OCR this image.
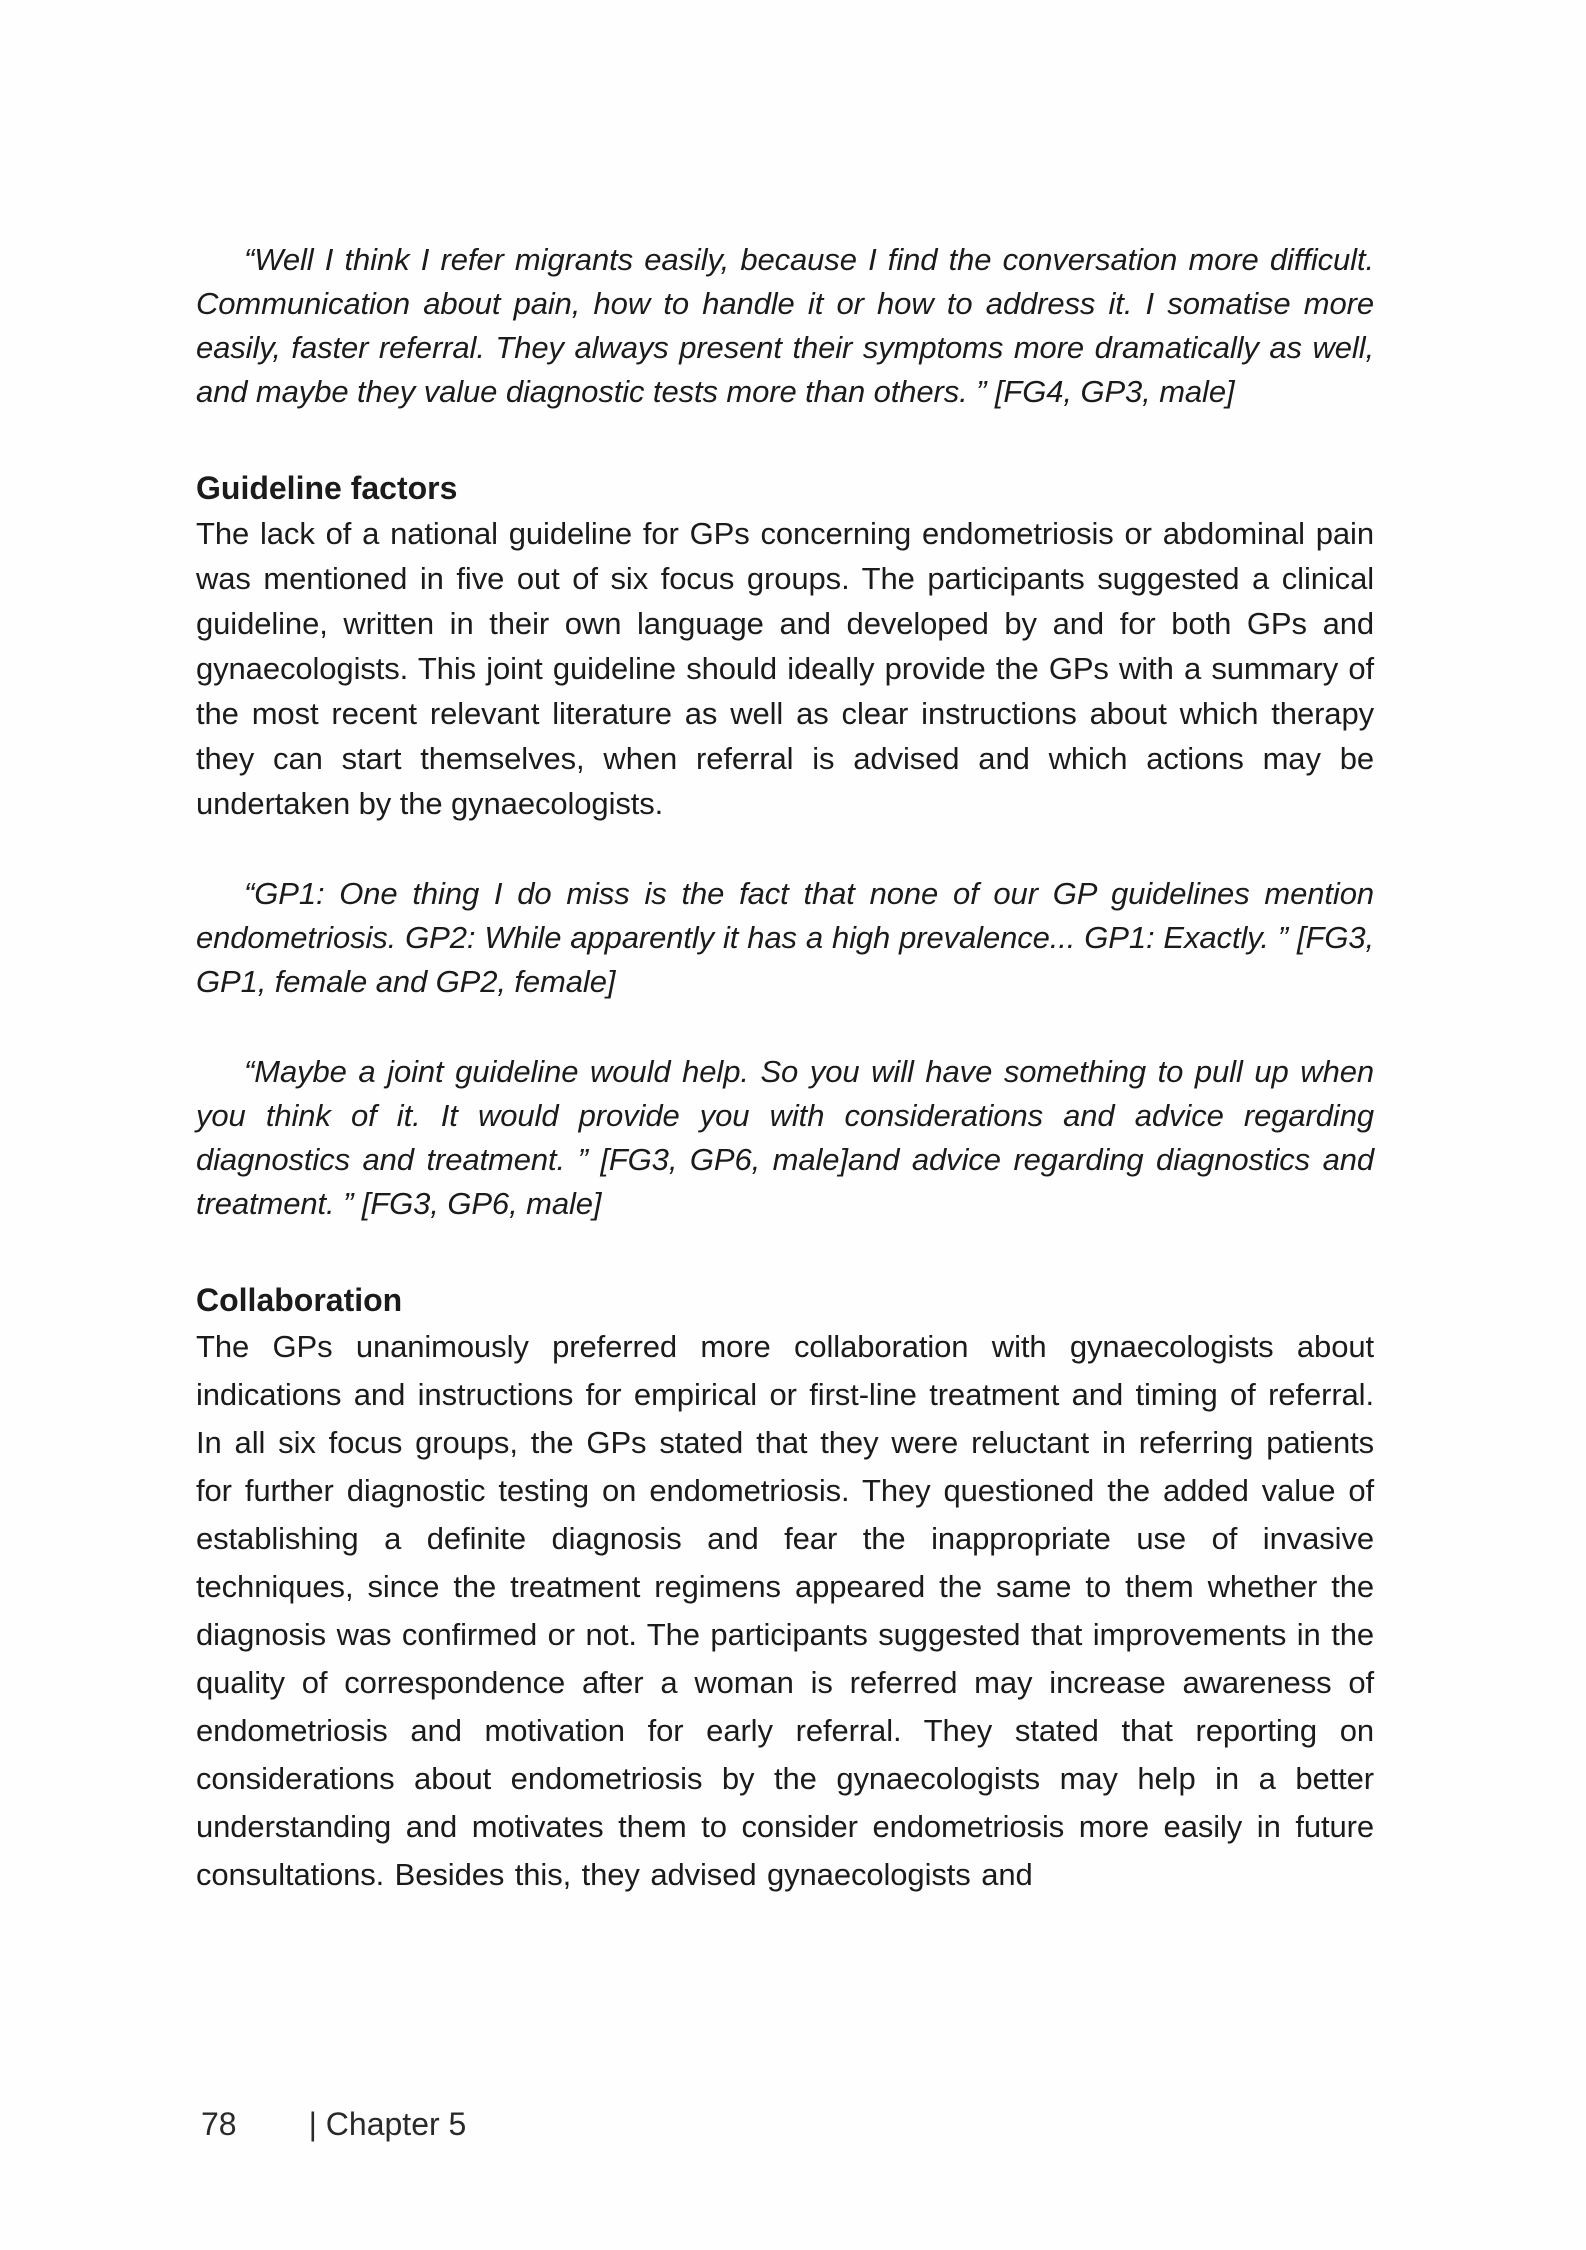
“Well I think I refer migrants easily, because I find the conversation more difficult. Communication about pain, how to handle it or how to address it. I somatise more easily, faster referral. They always present their symptoms more dramatically as well, and maybe they value diagnostic tests more than others. ” [FG4, GP3, male]

Guideline factors

The lack of a national guideline for GPs concerning endometriosis or abdominal pain was mentioned in five out of six focus groups. The participants suggested a clinical guideline, written in their own language and developed by and for both GPs and gynaecologists. This joint guideline should ideally provide the GPs with a summary of the most recent relevant literature as well as clear instructions about which therapy they can start themselves, when referral is advised and which actions may be undertaken by the gynaecologists.

“GP1: One thing I do miss is the fact that none of our GP guidelines mention endometriosis. GP2: While apparently it has a high prevalence... GP1: Exactly. ” [FG3, GP1, female and GP2, female]

“Maybe a joint guideline would help. So you will have something to pull up when you think of it. It would provide you with considerations and advice regarding diagnostics and treatment. ” [FG3, GP6, male]and advice regarding diagnostics and treatment. ” [FG3, GP6, male]

Collaboration

The GPs unanimously preferred more collaboration with gynaecologists about indications and instructions for empirical or first-line treatment and timing of referral. In all six focus groups, the GPs stated that they were reluctant in referring patients for further diagnostic testing on endometriosis. They questioned the added value of establishing a definite diagnosis and fear the inappropriate use of invasive techniques, since the treatment regimens appeared the same to them whether the diagnosis was confirmed or not. The participants suggested that improvements in the quality of correspondence after a woman is referred may increase awareness of endometriosis and motivation for early referral. They stated that reporting on considerations about endometriosis by the gynaecologists may help in a better understanding and motivates them to consider endometriosis more easily in future consultations. Besides this, they advised gynaecologists and

78 | Chapter 5
